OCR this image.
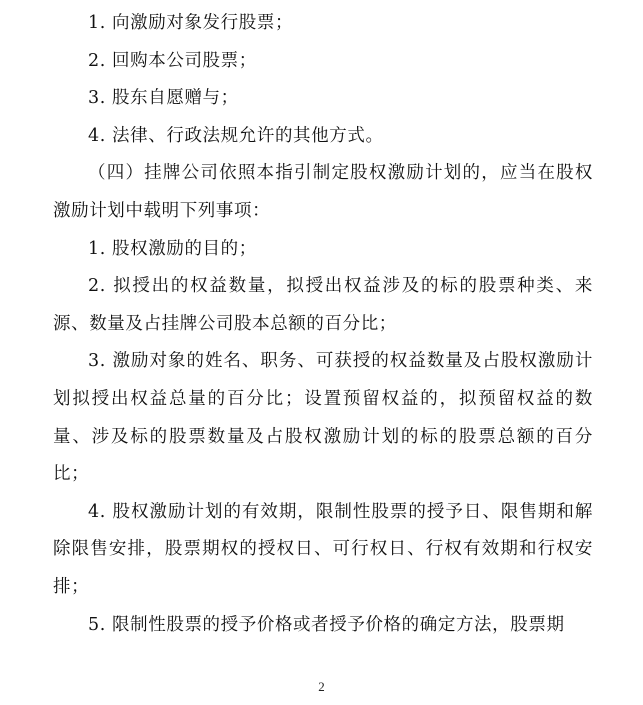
1. 向激励对象发行股票；

2. 回购本公司股票；

3. 股东自愿赠与；

4. 法律、行政法规允许的其他方式。

（四）挂牌公司依照本指引制定股权激励计划的，应当在股权激励计划中载明下列事项：

1. 股权激励的目的；

2. 拟授出的权益数量，拟授出权益涉及的标的股票种类、来源、数量及占挂牌公司股本总额的百分比；

3. 激励对象的姓名、职务、可获授的权益数量及占股权激励计划拟授出权益总量的百分比；设置预留权益的，拟预留权益的数量、涉及标的股票数量及占股权激励计划的标的股票总额的百分比；

4. 股权激励计划的有效期，限制性股票的授予日、限售期和解除限售安排，股票期权的授权日、可行权日、行权有效期和行权安排；

5. 限制性股票的授予价格或者授予价格的确定方法，股票期

2
